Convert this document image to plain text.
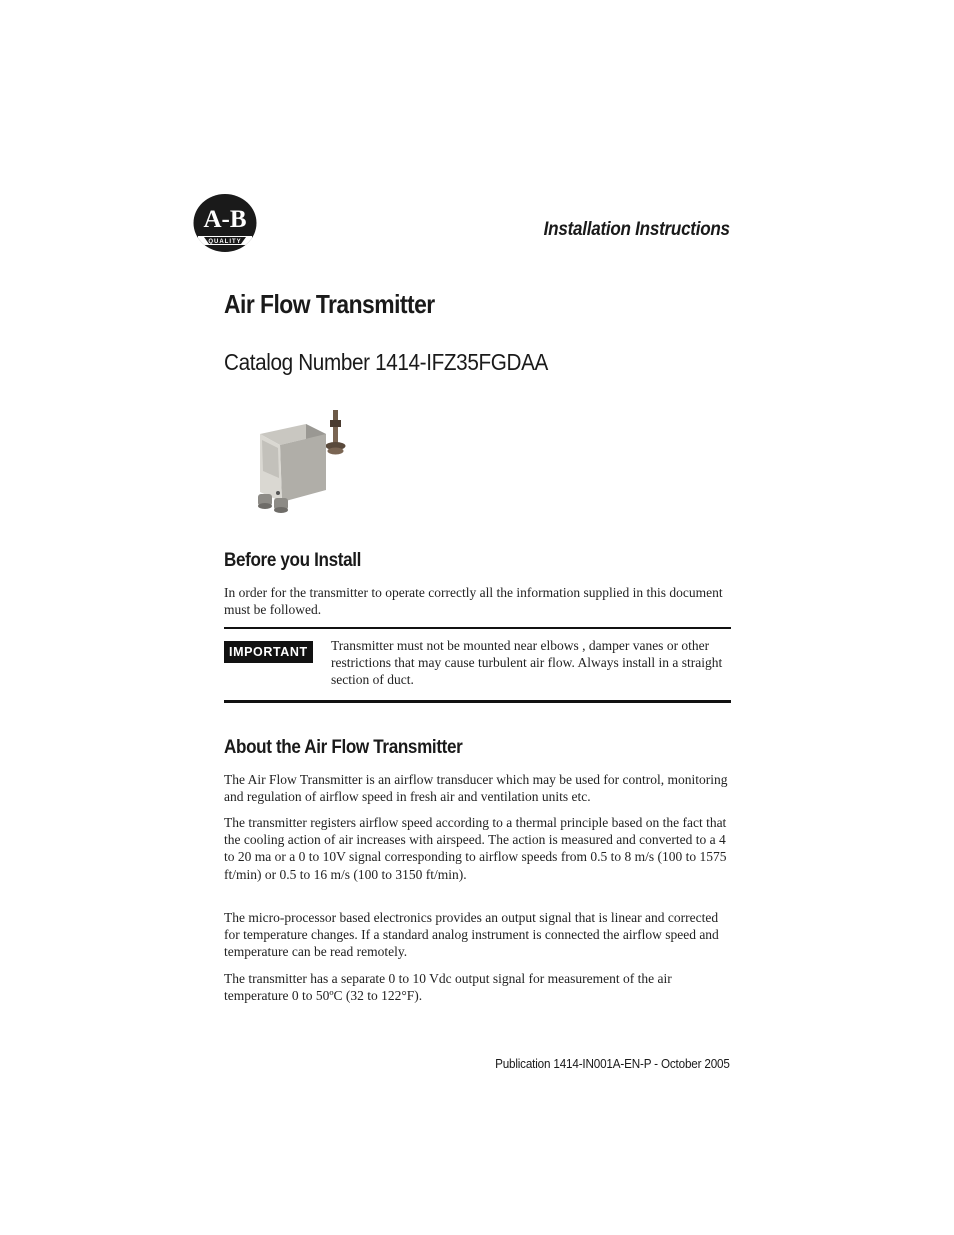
A-B
QUALITY
Installation Instructions
Air Flow Transmitter
Catalog Number 1414-IFZ35FGDAA
Before you Install

In order for the transmitter to operate correctly all the information supplied in this document must be followed.

IMPORTANT	Transmitter must not be mounted near elbows , damper vanes or other restrictions that may cause turbulent air flow. Always install in a straight section of duct.

About the Air Flow Transmitter

The Air Flow Transmitter is an airflow transducer which may be used for control, monitoring and regulation of airflow speed in fresh air and ventilation units etc.

The transmitter registers airflow speed according to a thermal principle based on the fact that the cooling action of air increases with airspeed. The action is measured and converted to a 4 to 20 ma or a 0 to 10V signal corresponding to airflow speeds from 0.5 to 8 m/s (100 to 1575 ft/min) or 0.5 to 16 m/s (100 to 3150 ft/min).

The micro-processor based electronics provides an output signal that is linear and corrected for temperature changes. If a standard analog instrument is connected the airflow speed and temperature can be read remotely.

The transmitter has a separate 0 to 10 Vdc output signal for measurement of the air temperature 0 to 50ºC (32 to 122°F).

Publication 1414-IN001A-EN-P - October 2005
